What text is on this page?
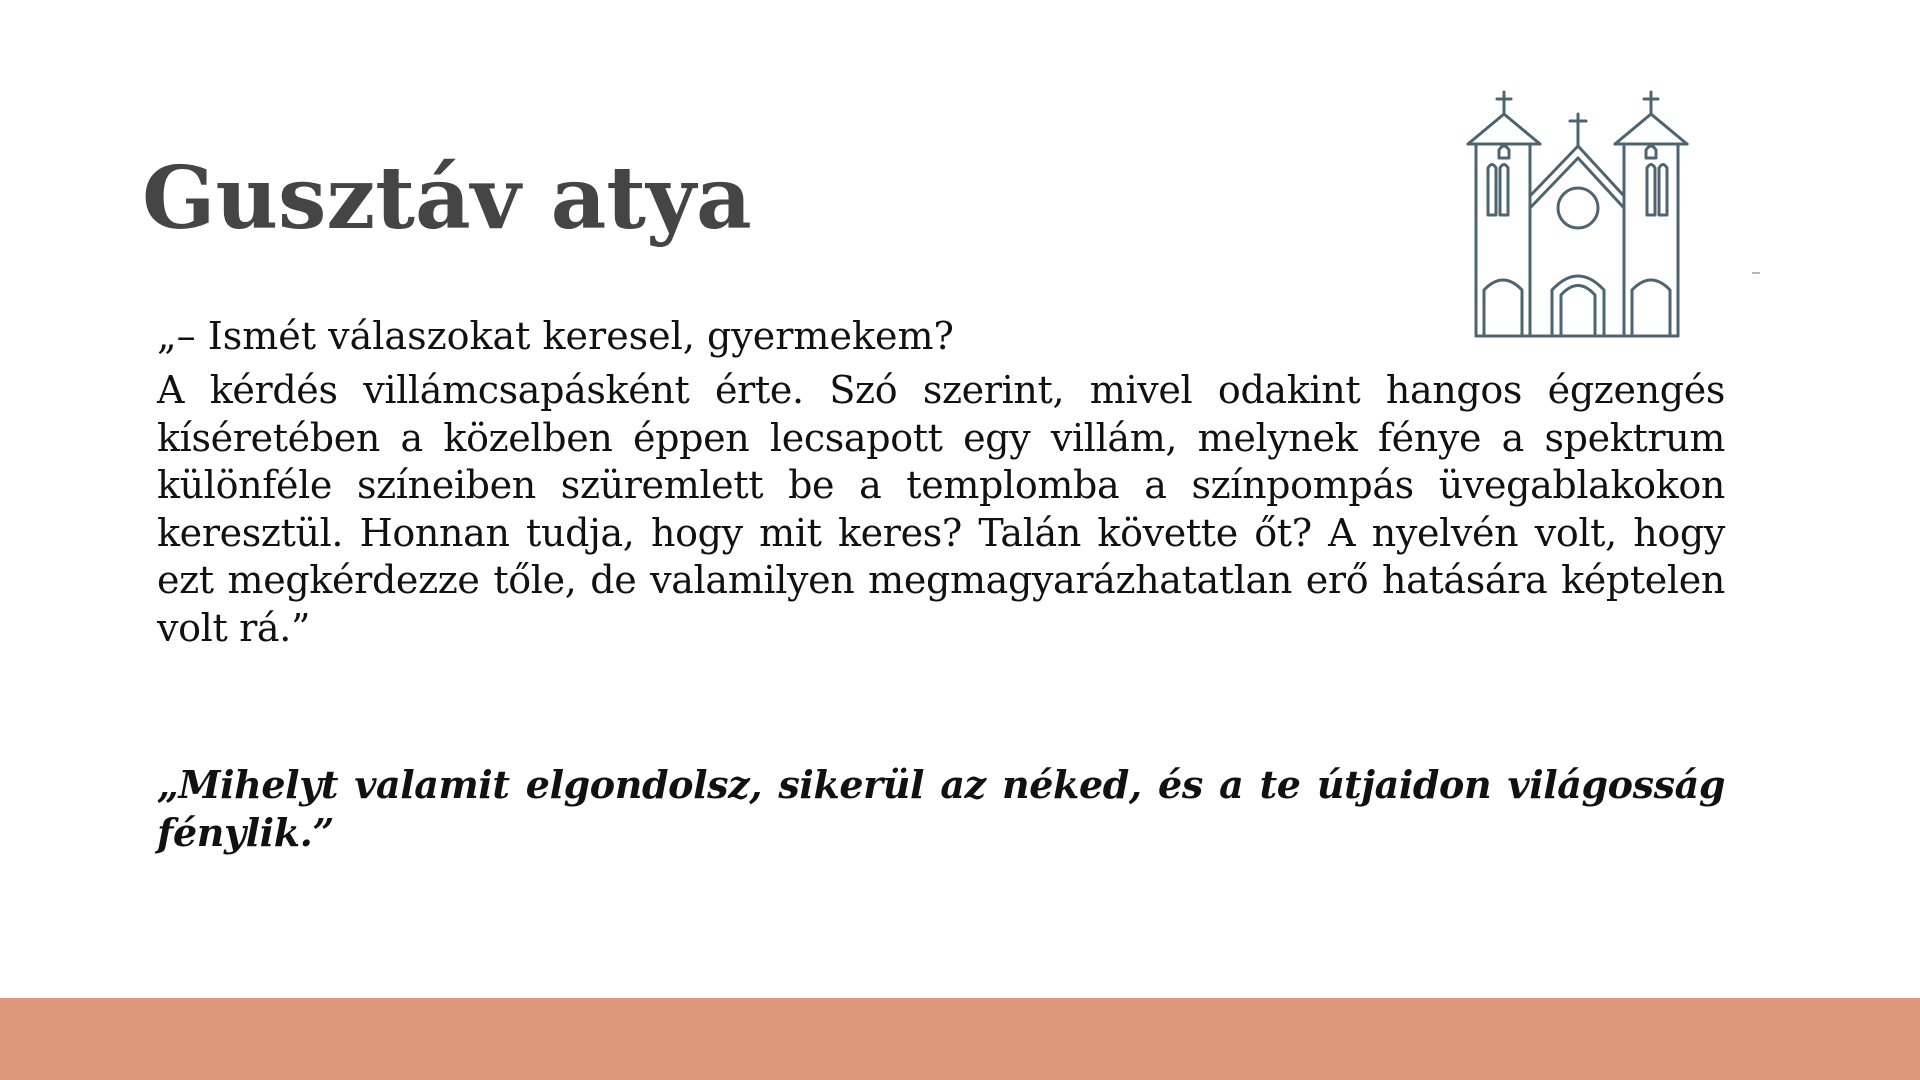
Gusztáv atya

„– Ismét válaszokat keresel, gyermekem?

A kérdés villámcsapásként érte. Szó szerint, mivel odakint hangos égzengés kíséretében a közelben éppen lecsapott egy villám, melynek fénye a spektrum különféle színeiben szüremlett be a templomba a színpompás üvegablakokon keresztül. Honnan tudja, hogy mit keres? Talán követte őt? A nyelvén volt, hogy ezt megkérdezze tőle, de valamilyen megmagyarázhatatlan erő hatására képtelen volt rá.”

„Mihelyt valamit elgondolsz, sikerül az néked, és a te útjaidon világosság fénylik.”
